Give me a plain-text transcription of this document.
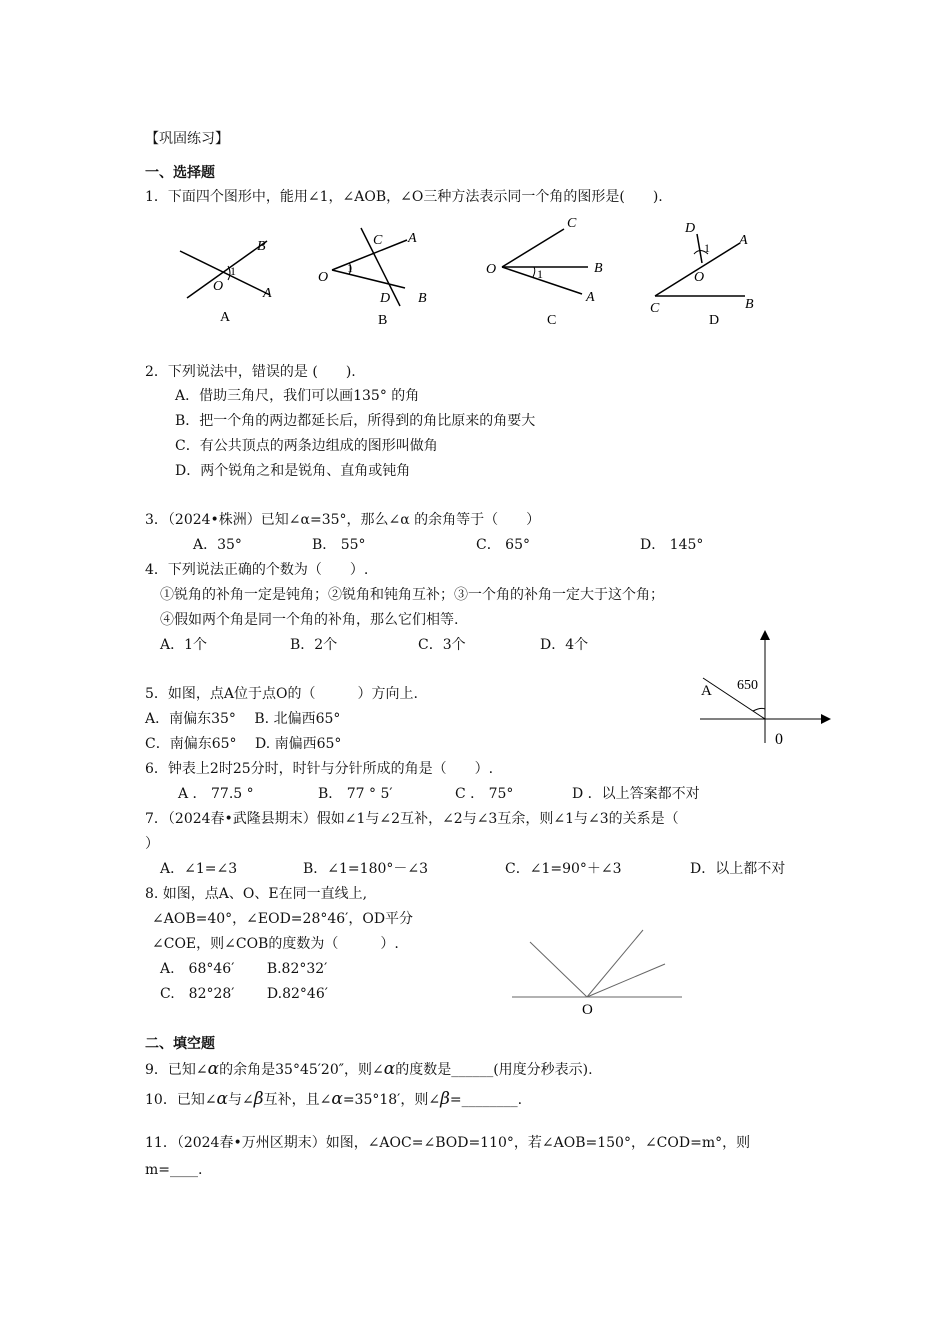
【巩固练习】
一、选择题
1．下面四个图形中，能用∠1，∠AOB，∠O三种方法表示同一个角的图形是(　　).
B
1
O	A
A
C A
O
1
D B
B
C
O	1	B
A
C
D
1 A
O
C	B
D
2．下列说法中，错误的是 (　　).
A．借助三角尺，我们可以画135° 的角
B．把一个角的两边都延长后，所得到的角比原来的角要大
C．有公共顶点的两条边组成的图形叫做角
D．两个锐角之和是锐角、直角或钝角
3．（2024•株洲）已知∠α=35°，那么∠α 的余角等于（　　）
A．35°	B． 55°	C． 65°	D． 145°
4．下列说法正确的个数为（　　）.
①锐角的补角一定是钝角；②锐角和钝角互补；③一个角的补角一定大于这个角；
④假如两个角是同一个角的补角，那么它们相等.
A．1个	B．2个	C．3个	D．4个
5．如图，点A位于点O的（　　　）方向上.
A．南偏东35°　 B. 北偏西65°
C．南偏东65°　 D. 南偏西65°
A 650
0
6．钟表上2时25分时，时针与分针所成的角是（　　）.
A ． 77.5 °	B． 77 ° 5′	C ． 75°	D ．以上答案都不对
7．（2024春•武隆县期末）假如∠1与∠2互补，∠2与∠3互余，则∠1与∠3的关系是（
）
A．∠1=∠3	B．∠1=180°－∠3	C．∠1=90°＋∠3	D．以上都不对
8. 如图，点A、O、E在同一直线上,
∠AOB=40°，∠EOD=28°46′，OD平分
∠COE，则∠COB的度数为（　　　）.
A.　68°46′　　 B.82°32′
C.　82°28′　　 D.82°46′
O
二、填空题
9．已知∠α的余角是35°45′20″，则∠α的度数是______(用度分秒表示).
10．已知∠α与∠β互补，且∠α=35°18′，则∠β=________.
11．（2024春•万州区期末）如图，∠AOC=∠BOD=110°，若∠AOB=150°，∠COD=m°，则
m=____.
